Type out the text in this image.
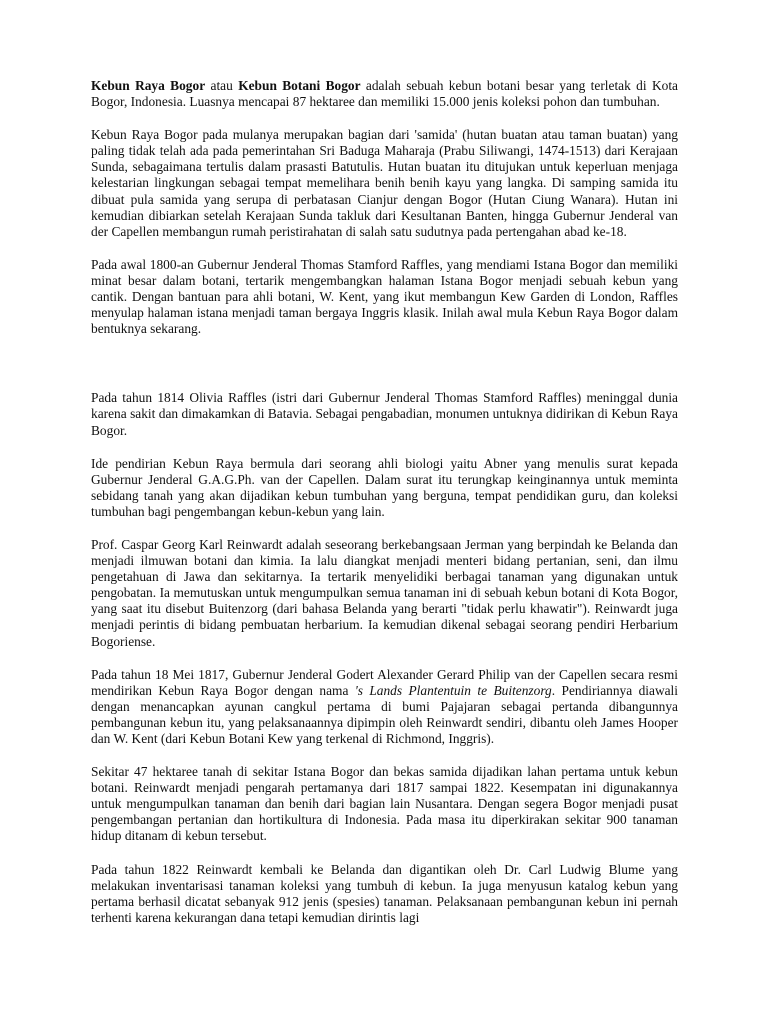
Kebun Raya Bogor atau Kebun Botani Bogor adalah sebuah kebun botani besar yang terletak di Kota Bogor, Indonesia. Luasnya mencapai 87 hektaree dan memiliki 15.000 jenis koleksi pohon dan tumbuhan.

Kebun Raya Bogor pada mulanya merupakan bagian dari 'samida' (hutan buatan atau taman buatan) yang paling tidak telah ada pada pemerintahan Sri Baduga Maharaja (Prabu Siliwangi, 1474-1513) dari Kerajaan Sunda, sebagaimana tertulis dalam prasasti Batutulis. Hutan buatan itu ditujukan untuk keperluan menjaga kelestarian lingkungan sebagai tempat memelihara benih benih kayu yang langka. Di samping samida itu dibuat pula samida yang serupa di perbatasan Cianjur dengan Bogor (Hutan Ciung Wanara). Hutan ini kemudian dibiarkan setelah Kerajaan Sunda takluk dari Kesultanan Banten, hingga Gubernur Jenderal van der Capellen membangun rumah peristirahatan di salah satu sudutnya pada pertengahan abad ke-18.

Pada awal 1800-an Gubernur Jenderal Thomas Stamford Raffles, yang mendiami Istana Bogor dan memiliki minat besar dalam botani, tertarik mengembangkan halaman Istana Bogor menjadi sebuah kebun yang cantik. Dengan bantuan para ahli botani, W. Kent, yang ikut membangun Kew Garden di London, Raffles menyulap halaman istana menjadi taman bergaya Inggris klasik. Inilah awal mula Kebun Raya Bogor dalam bentuknya sekarang.

Pada tahun 1814 Olivia Raffles (istri dari Gubernur Jenderal Thomas Stamford Raffles) meninggal dunia karena sakit dan dimakamkan di Batavia. Sebagai pengabadian, monumen untuknya didirikan di Kebun Raya Bogor.

Ide pendirian Kebun Raya bermula dari seorang ahli biologi yaitu Abner yang menulis surat kepada Gubernur Jenderal G.A.G.Ph. van der Capellen. Dalam surat itu terungkap keinginannya untuk meminta sebidang tanah yang akan dijadikan kebun tumbuhan yang berguna, tempat pendidikan guru, dan koleksi tumbuhan bagi pengembangan kebun-kebun yang lain.

Prof. Caspar Georg Karl Reinwardt adalah seseorang berkebangsaan Jerman yang berpindah ke Belanda dan menjadi ilmuwan botani dan kimia. Ia lalu diangkat menjadi menteri bidang pertanian, seni, dan ilmu pengetahuan di Jawa dan sekitarnya. Ia tertarik menyelidiki berbagai tanaman yang digunakan untuk pengobatan. Ia memutuskan untuk mengumpulkan semua tanaman ini di sebuah kebun botani di Kota Bogor, yang saat itu disebut Buitenzorg (dari bahasa Belanda yang berarti "tidak perlu khawatir"). Reinwardt juga menjadi perintis di bidang pembuatan herbarium. Ia kemudian dikenal sebagai seorang pendiri Herbarium Bogoriense.

Pada tahun 18 Mei 1817, Gubernur Jenderal Godert Alexander Gerard Philip van der Capellen secara resmi mendirikan Kebun Raya Bogor dengan nama 's Lands Plantentuin te Buitenzorg. Pendiriannya diawali dengan menancapkan ayunan cangkul pertama di bumi Pajajaran sebagai pertanda dibangunnya pembangunan kebun itu, yang pelaksanaannya dipimpin oleh Reinwardt sendiri, dibantu oleh James Hooper dan W. Kent (dari Kebun Botani Kew yang terkenal di Richmond, Inggris).

Sekitar 47 hektaree tanah di sekitar Istana Bogor dan bekas samida dijadikan lahan pertama untuk kebun botani. Reinwardt menjadi pengarah pertamanya dari 1817 sampai 1822. Kesempatan ini digunakannya untuk mengumpulkan tanaman dan benih dari bagian lain Nusantara. Dengan segera Bogor menjadi pusat pengembangan pertanian dan hortikultura di Indonesia. Pada masa itu diperkirakan sekitar 900 tanaman hidup ditanam di kebun tersebut.

Pada tahun 1822 Reinwardt kembali ke Belanda dan digantikan oleh Dr. Carl Ludwig Blume yang melakukan inventarisasi tanaman koleksi yang tumbuh di kebun. Ia juga menyusun katalog kebun yang pertama berhasil dicatat sebanyak 912 jenis (spesies) tanaman. Pelaksanaan pembangunan kebun ini pernah terhenti karena kekurangan dana tetapi kemudian dirintis lagi
